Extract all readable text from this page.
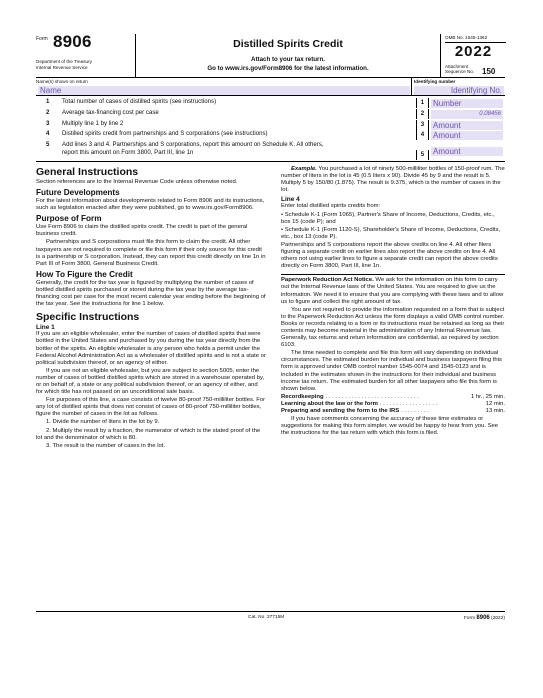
Form 8906
Department of the Treasury
Internal Revenue Service
Distilled Spirits Credit
Attach to your tax return.
Go to www.irs.gov/Form8906 for the latest information.
OMB No. 1545-1362
2022
Attachment
Sequence No. 150
Name(s) shown on return
Name
Identifying number
Identifying No.
1 Total number of cases of distilled spirits (see instructions)	1	Number
2 Average tax-financing cost per case	2	0.08456
3 Multiply line 1 by line 2	3	Amount
4 Distilled spirits credit from partnerships and S corporations (see instructions)	4	Amount
5 Add lines 3 and 4. Partnerships and S corporations, report this amount on Schedule K. All others,
report this amount on Form 3800, Part III, line 1n	5	Amount
General Instructions

Section references are to the Internal Revenue Code unless otherwise noted.

Future Developments

For the latest information about developments related to Form 8906 and its instructions, such as legislation enacted after they were published, go to www.irs.gov/Form8906.

Purpose of Form

Use Form 8906 to claim the distilled spirits credit. The credit is part of the general business credit.

Partnerships and S corporations must file this form to claim the credit. All other taxpayers are not required to complete or file this form if their only source for this credit is a partnership or S corporation. Instead, they can report this credit directly on line 1n in Part III of Form 3800, General Business Credit.

How To Figure the Credit

Generally, the credit for the tax year is figured by multiplying the number of cases of bottled distilled spirits purchased or stored during the tax year by the average tax-financing cost per case for the most recent calendar year ending before the beginning of the tax year. See the instructions for line 1 below.

Specific Instructions
Line 1

If you are an eligible wholesaler, enter the number of cases of distilled spirits that were bottled in the United States and purchased by you during the tax year directly from the bottler of the spirits. An eligible wholesaler is any person who holds a permit under the Federal Alcohol Administration Act as a wholesaler of distilled spirits and is not a state or political subdivision thereof, or an agency of either.

If you are not an eligible wholesaler, but you are subject to section 5005, enter the number of cases of bottled distilled spirits which are stored in a warehouse operated by, or on behalf of, a state or any political subdivision thereof, or an agency of either, and for which title has not passed on an unconditional sale basis.

For purposes of this line, a case consists of twelve 80-proof 750-milliliter bottles. For any lot of distilled spirits that does not consist of cases of 80-proof 750-milliliter bottles, figure the number of cases in the lot as follows.

1. Divide the number of liters in the lot by 9.

2. Multiply the result by a fraction, the numerator of which is the stated proof of the lot and the denominator of which is 80.

3. The result is the number of cases in the lot.

Example. You purchased a lot of ninety 500-milliliter bottles of 150-proof rum. The number of liters in the lot is 45 (0.5 liters x 90). Divide 45 by 9 and the result is 5. Multiply 5 by 150/80 (1.875). The result is 9.375, which is the number of cases in the lot.

Line 4

Enter total distilled spirits credits from:

• Schedule K-1 (Form 1065), Partner's Share of Income, Deductions, Credits, etc., box 15 (code P); and

• Schedule K-1 (Form 1120-S), Shareholder's Share of Income, Deductions, Credits, etc., box 13 (code P).

Partnerships and S corporations report the above credits on line 4. All other filers figuring a separate credit on earlier lines also report the above credits on line 4. All others not using earlier lines to figure a separate credit can report the above credits directly on Form 3800, Part III, line 1n.

Paperwork Reduction Act Notice. We ask for the information on this form to carry out the Internal Revenue laws of the United States. You are required to give us the information. We need it to ensure that you are complying with these laws and to allow us to figure and collect the right amount of tax.

You are not required to provide the information requested on a form that is subject to the Paperwork Reduction Act unless the form displays a valid OMB control number. Books or records relating to a form or its instructions must be retained as long as their contents may become material in the administration of any Internal Revenue law. Generally, tax returns and return information are confidential, as required by section 6103.

The time needed to complete and file this form will vary depending on individual circumstances. The estimated burden for individual and business taxpayers filing this form is approved under OMB control number 1545-0074 and 1545-0123 and is included in the estimates shown in the instructions for their individual and business income tax return. The estimated burden for all other taxpayers who file this form is shown below.

Recordkeeping . . . . . . . . . . . . . . . . . . . . . . . . . . . . .	1 hr., 25 min.
Learning about the law or the form . . . . . . . . . . . . . . . . . .	12 min.
Preparing and sending the form to the IRS . . . . . . . . .	13 min.

If you have comments concerning the accuracy of these time estimates or suggestions for making this form simpler, we would be happy to hear from you. See the instructions for the tax return with which this form is filed.

Cat. No. 37715M	Form 8906 (2022)
